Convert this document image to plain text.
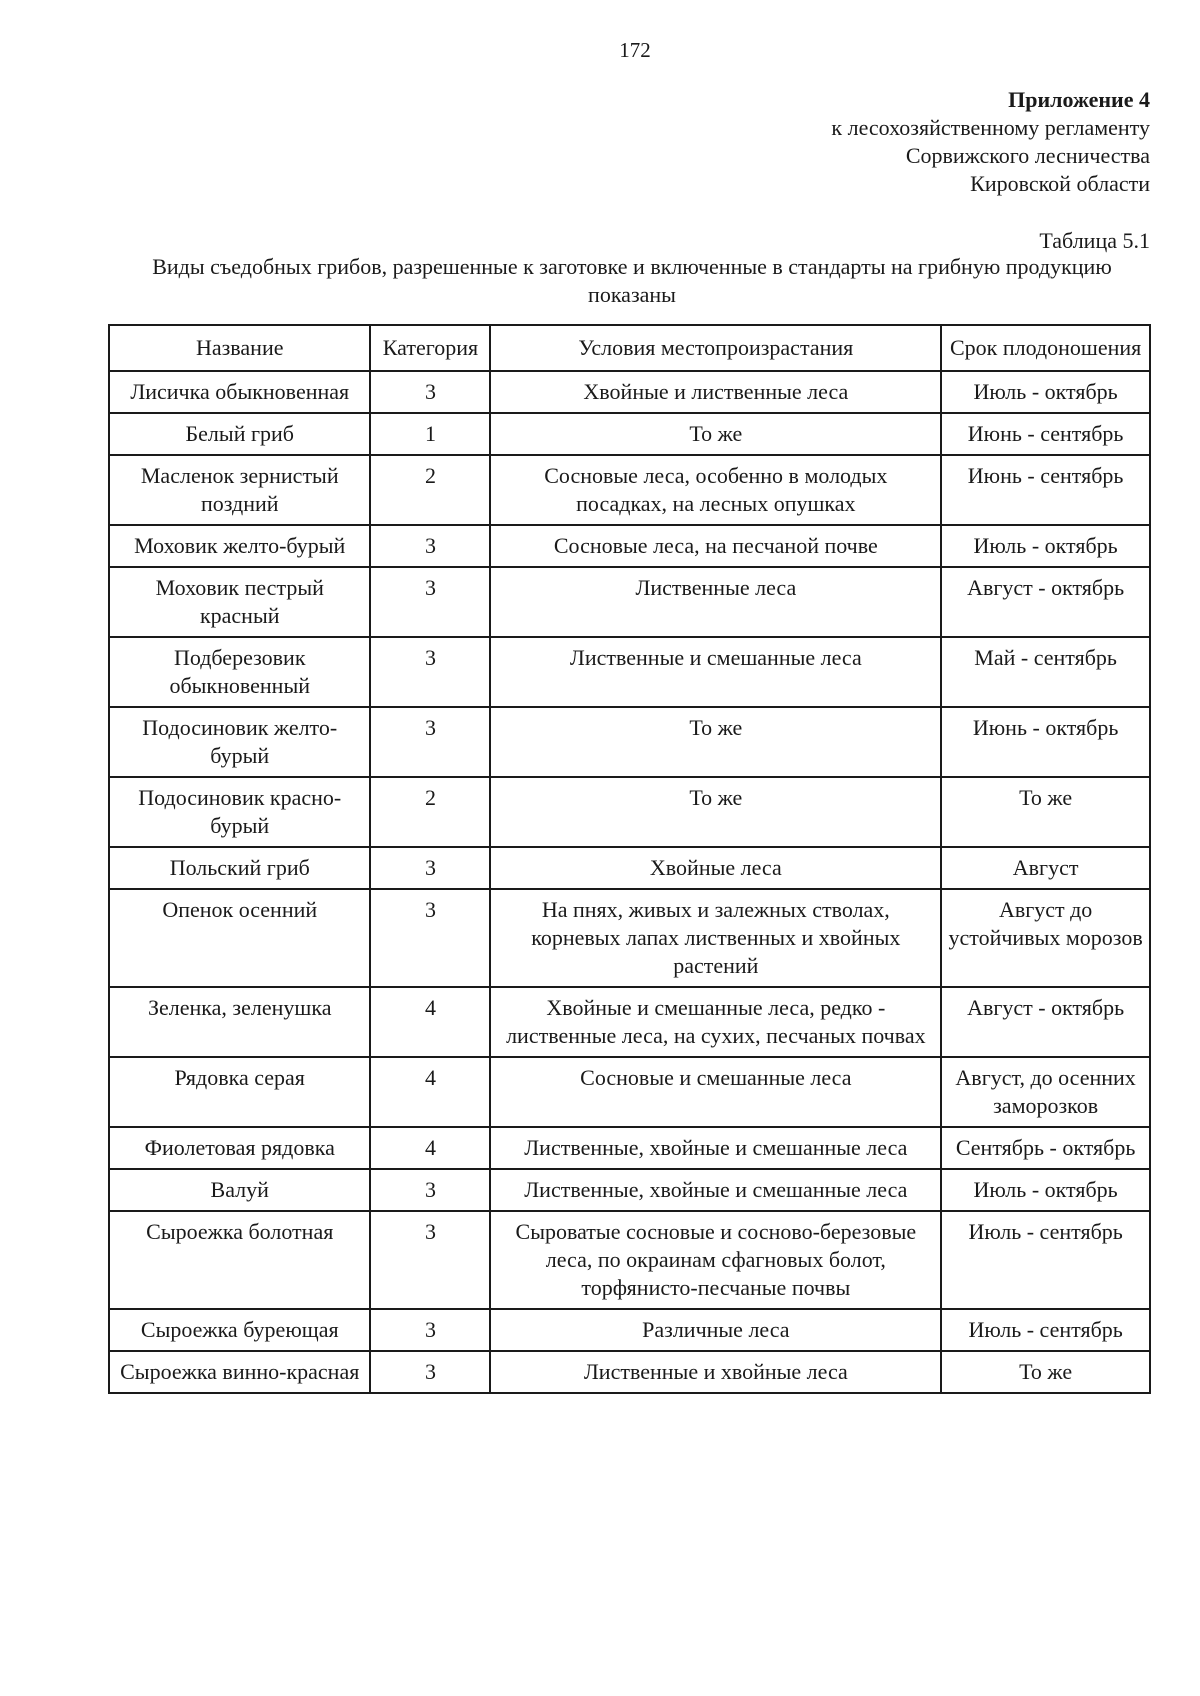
172
Приложение 4
к лесохозяйственному регламенту
Сорвижского лесничества
Кировской области
Таблица 5.1
Виды съедобных грибов, разрешенные к заготовке и включенные в стандарты на грибную продукцию показаны
Название	Категория	Условия местопроизрастания	Срок плодоношения
Лисичка обыкновенная	3	Хвойные и лиственные леса	Июль - октябрь
Белый гриб	1	То же	Июнь - сентябрь
Масленок зернистый поздний	2	Сосновые леса, особенно в молодых посадках, на лесных опушках	Июнь - сентябрь
Моховик желто-бурый	3	Сосновые леса, на песчаной почве	Июль - октябрь
Моховик пестрый красный	3	Лиственные леса	Август - октябрь
Подберезовик обыкновенный	3	Лиственные и смешанные леса	Май - сентябрь
Подосиновик желто-бурый	3	То же	Июнь - октябрь
Подосиновик красно-бурый	2	То же	То же
Польский гриб	3	Хвойные леса	Август
Опенок осенний	3	На пнях, живых и залежных стволах, корневых лапах лиственных и хвойных растений	Август до устойчивых морозов
Зеленка, зеленушка	4	Хвойные и смешанные леса, редко - лиственные леса, на сухих, песчаных почвах	Август - октябрь
Рядовка серая	4	Сосновые и смешанные леса	Август, до осенних заморозков
Фиолетовая рядовка	4	Лиственные, хвойные и смешанные леса	Сентябрь - октябрь
Валуй	3	Лиственные, хвойные и смешанные леса	Июль - октябрь
Сыроежка болотная	3	Сыроватые сосновые и сосново-березовые леса, по окраинам сфагновых болот, торфянисто-песчаные почвы	Июль - сентябрь
Сыроежка буреющая	3	Различные леса	Июль - сентябрь
Сыроежка винно-красная	3	Лиственные и хвойные леса	То же
